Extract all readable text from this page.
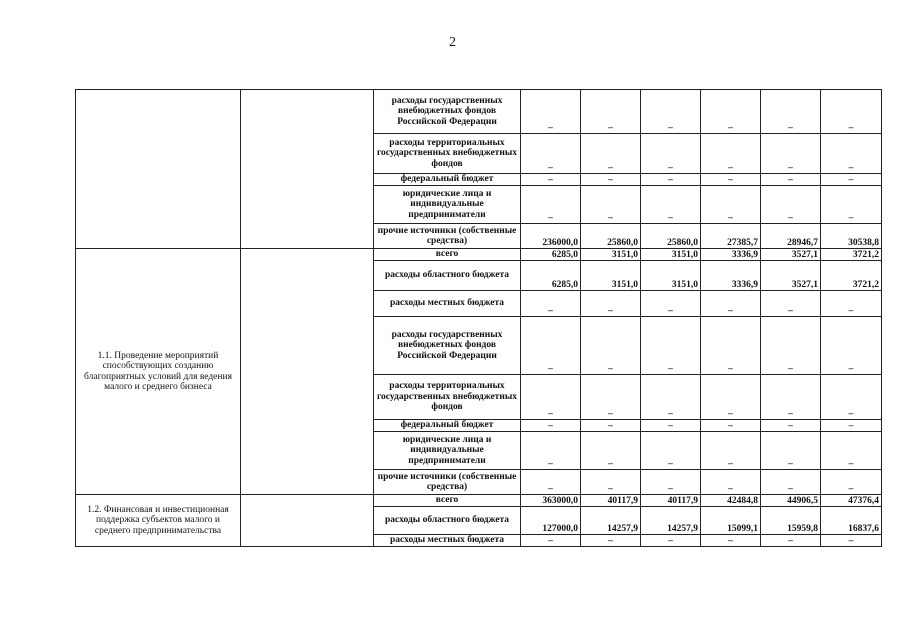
2
		расходы государственных внебюджетных фондов Российской Федерации	–	–	–	–	–	–
		расходы территориальных государственных внебюджетных фондов	–	–	–	–	–	–
		федеральный бюджет	–	–	–	–	–	–
		юридические лица и индивидуальные предприниматели	–	–	–	–	–	–
		прочие источники (собственные средства)	236000,0	25860,0	25860,0	27385,7	28946,7	30538,8
1.1. Проведение мероприятий способствующих созданию благоприятных условий для ведения малого и среднего бизнеса		всего	6285,0	3151,0	3151,0	3336,9	3527,1	3721,2
		расходы областного бюджета	6285,0	3151,0	3151,0	3336,9	3527,1	3721,2
		расходы местных бюджета	–	–	–	–	–	–
		расходы государственных внебюджетных фондов Российской Федерации	–	–	–	–	–	–
		расходы территориальных государственных внебюджетных фондов	–	–	–	–	–	–
		федеральный бюджет	–	–	–	–	–	–
		юридические лица и индивидуальные предприниматели	–	–	–	–	–	–
		прочие источники (собственные средства)	–	–	–	–	–	–
1.2. Финансовая и инвестиционная поддержка субъектов малого и среднего предпринимательства		всего	363000,0	40117,9	40117,9	42484,8	44906,5	47376,4
		расходы областного бюджета	127000,0	14257,9	14257,9	15099,1	15959,8	16837,6
		расходы местных бюджета	–	–	–	–	–	–
